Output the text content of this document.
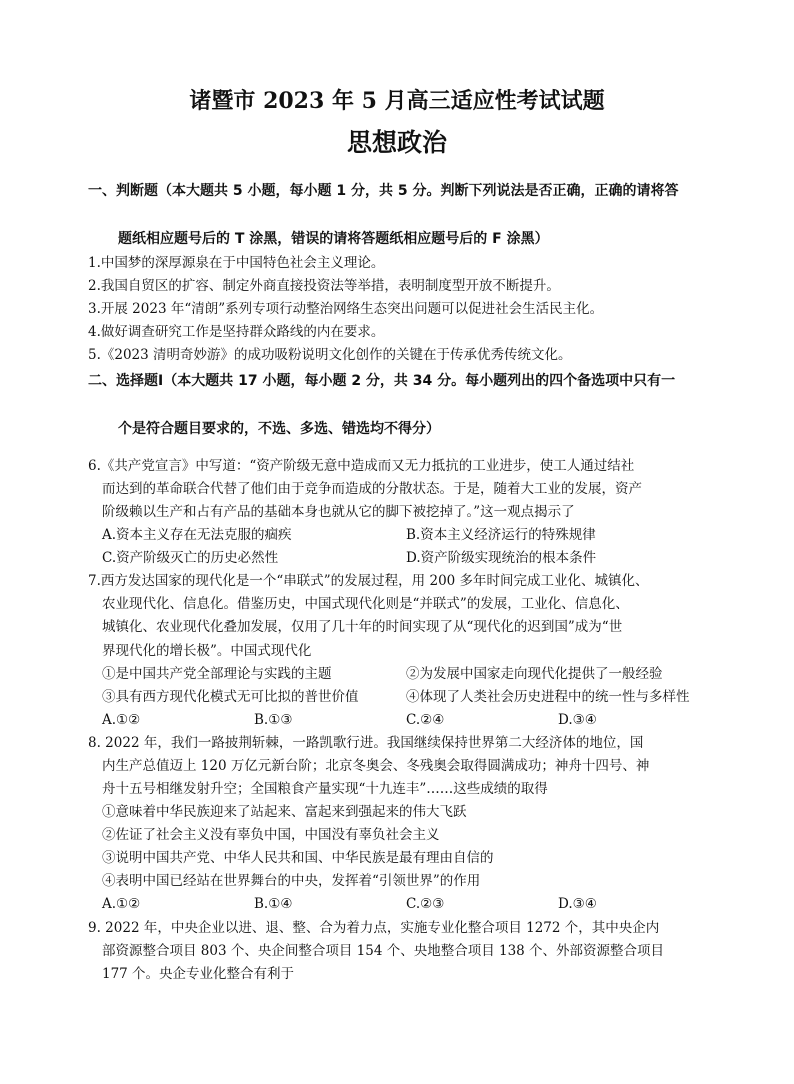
诸暨市 2023 年 5 月高三适应性考试试题
思想政治
一、判断题（本大题共 5 小题，每小题 1 分，共 5 分。判断下列说法是否正确，正确的请将答
题纸相应题号后的 T 涂黑，错误的请将答题纸相应题号后的 F 涂黑）

1.中国梦的深厚源泉在于中国特色社会主义理论。

2.我国自贸区的扩容、制定外商直接投资法等举措，表明制度型开放不断提升。

3.开展 2023 年“清朗”系列专项行动整治网络生态突出问题可以促进社会生活民主化。

4.做好调查研究工作是坚持群众路线的内在要求。

5.《2023 清明奇妙游》的成功吸粉说明文化创作的关键在于传承优秀传统文化。

二、选择题Ⅰ（本大题共 17 小题，每小题 2 分，共 34 分。每小题列出的四个备选项中只有一
个是符合题目要求的，不选、多选、错选均不得分）
6.《共产党宣言》中写道：“资产阶级无意中造成而又无力抵抗的工业进步，使工人通过结社
而达到的革命联合代替了他们由于竞争而造成的分散状态。于是，随着大工业的发展，资产
阶级赖以生产和占有产品的基础本身也就从它的脚下被挖掉了。”这一观点揭示了
A.资本主义存在无法克服的痼疾	B.资本主义经济运行的特殊规律
C.资产阶级灭亡的历史必然性	D.资产阶级实现统治的根本条件
7.西方发达国家的现代化是一个“串联式”的发展过程，用 200 多年时间完成工业化、城镇化、
农业现代化、信息化。借鉴历史，中国式现代化则是“并联式”的发展，工业化、信息化、
城镇化、农业现代化叠加发展，仅用了几十年的时间实现了从“现代化的迟到国”成为“世
界现代化的增长极”。中国式现代化
①是中国共产党全部理论与实践的主题	②为发展中国家走向现代化提供了一般经验
③具有西方现代化模式无可比拟的普世价值	④体现了人类社会历史进程中的统一性与多样性
A.①②	B.①③	C.②④	D.③④
8. 2022 年，我们一路披荆斩棘，一路凯歌行进。我国继续保持世界第二大经济体的地位，国
内生产总值迈上 120 万亿元新台阶；北京冬奥会、冬残奥会取得圆满成功；神舟十四号、神
舟十五号相继发射升空；全国粮食产量实现“十九连丰”……这些成绩的取得
①意味着中华民族迎来了站起来、富起来到强起来的伟大飞跃
②佐证了社会主义没有辜负中国，中国没有辜负社会主义
③说明中国共产党、中华人民共和国、中华民族是最有理由自信的
④表明中国已经站在世界舞台的中央，发挥着“引领世界”的作用
A.①②	B.①④	C.②③	D.③④
9. 2022 年，中央企业以进、退、整、合为着力点，实施专业化整合项目 1272 个，其中央企内
部资源整合项目 803 个、央企间整合项目 154 个、央地整合项目 138 个、外部资源整合项目
177 个。央企专业化整合有利于
